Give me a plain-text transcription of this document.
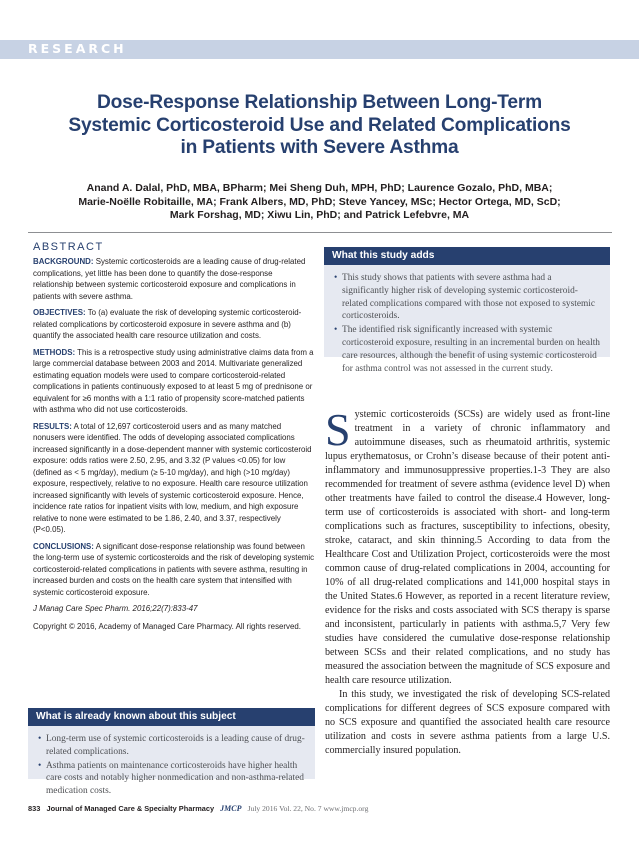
RESEARCH
Dose-Response Relationship Between Long-Term
Systemic Corticosteroid Use and Related Complications
in Patients with Severe Asthma
Anand A. Dalal, PhD, MBA, BPharm; Mei Sheng Duh, MPH, PhD; Laurence Gozalo, PhD, MBA;
Marie-Noëlle Robitaille, MA; Frank Albers, MD, PhD; Steve Yancey, MSc; Hector Ortega, MD, ScD;
Mark Forshag, MD; Xiwu Lin, PhD; and Patrick Lefebvre, MA
ABSTRACT

BACKGROUND: Systemic corticosteroids are a leading cause of drug-related complications, yet little has been done to quantify the dose-response relationship between systemic corticosteroid exposure and complications in patients with severe asthma.

OBJECTIVES: To (a) evaluate the risk of developing systemic corticosteroid-related complications by corticosteroid exposure in severe asthma and (b) quantify the associated health care resource utilization and costs.

METHODS: This is a retrospective study using administrative claims data from a large commercial database between 2003 and 2014. Multivariate generalized estimating equation models were used to compare corticosteroid-related complications in patients continuously exposed to at least 5 mg of prednisone or equivalent for ≥6 months with a 1:1 ratio of propensity score-matched patients with asthma who did not use corticosteroids.

RESULTS: A total of 12,697 corticosteroid users and as many matched nonusers were identified. The odds of developing associated complications increased significantly in a dose-dependent manner with systemic corticosteroid exposure: odds ratios were 2.50, 2.95, and 3.32 (P values <0.05) for low (defined as < 5 mg/day), medium (≥ 5-10 mg/day), and high (>10 mg/day) exposure, respectively, relative to no exposure. Health care resource utilization increased significantly with levels of systemic corticosteroid exposure. Hence, incidence rate ratios for inpatient visits with low, medium, and high exposure relative to none were estimated to be 1.86, 2.40, and 3.37, respectively (P<0.05).

CONCLUSIONS: A significant dose-response relationship was found between the long-term use of systemic corticosteroids and the risk of developing systemic corticosteroid-related complications in patients with severe asthma, resulting in increased burden and costs on the health care system that intensified with systemic corticosteroid exposure.

J Manag Care Spec Pharm. 2016;22(7):833-47

Copyright © 2016, Academy of Managed Care Pharmacy. All rights reserved.

What this study adds
• This study shows that patients with severe asthma had a significantly higher risk of developing systemic corticosteroid-related complications compared with those not exposed to systemic corticosteroids.
• The identified risk significantly increased with systemic corticosteroid exposure, resulting in an incremental burden on health care resources, although the benefit of using systemic corticosteroid for asthma control was not assessed in the current study.
What is already known about this subject
• Long-term use of systemic corticosteroids is a leading cause of drug-related complications.
• Asthma patients on maintenance corticosteroids have higher health care costs and notably higher nonmedication and non-asthma-related medication costs.

Systemic corticosteroids (SCSs) are widely used as front-line treatment in a variety of chronic inflammatory and autoimmune diseases, such as rheumatoid arthritis, systemic lupus erythematosus, or Crohn’s disease because of their potent anti-inflammatory and immunosuppressive properties.1-3 They are also recommended for treatment of severe asthma (evidence level D) when other treatments have failed to control the disease.4 However, long-term use of corticosteroids is associated with short- and long-term complications such as fractures, susceptibility to infections, obesity, stroke, cataract, and skin thinning.5 According to data from the Healthcare Cost and Utilization Project, corticosteroids were the most common cause of drug-related complications in 2004, accounting for 10% of all drug-related complications and 141,000 hospital stays in the United States.6 However, as reported in a recent literature review, evidence for the risks and costs associated with SCS therapy is sparse and inconsistent, particularly in patients with asthma.5,7 Very few studies have considered the cumulative dose-response relationship between SCSs and their related complications, and no study has measured the association between the magnitude of SCS exposure and health care resource utilization.

In this study, we investigated the risk of developing SCS-related complications for different degrees of SCS exposure compared with no SCS exposure and quantified the associated health care resource utilization and costs in severe asthma patients from a large U.S. commercially insured population.

833 Journal of Managed Care & Specialty Pharmacy JMCP July 2016 Vol. 22, No. 7 www.jmcp.org
